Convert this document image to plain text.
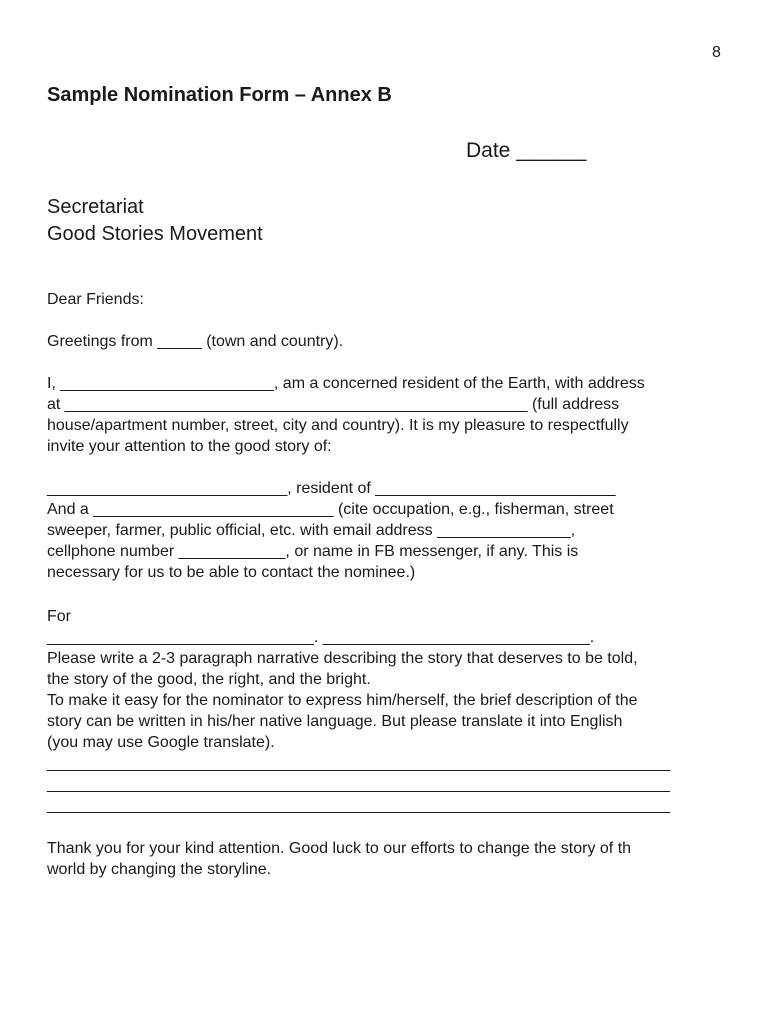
8
Sample Nomination Form – Annex B
Date ______
Secretariat
Good Stories Movement
Dear Friends:
Greetings from _____ (town and country).
I, ________________________, am a concerned resident of the Earth, with address
at ____________________________________________________ (full address
house/apartment number, street, city and country). It is my pleasure to respectfully
invite your attention to the good story of:
___________________________, resident of ___________________________
And a ___________________________ (cite occupation, e.g., fisherman, street
sweeper, farmer, public official, etc. with email address _______________,
cellphone number ____________, or name in FB messenger, if any. This is
necessary for us to be able to contact the nominee.)
For
______________________________. ______________________________.
Please write a 2-3 paragraph narrative describing the story that deserves to be told,
the story of the good, the right, and the bright.
To make it easy for the nominator to express him/herself, the brief description of the
story can be written in his/her native language. But please translate it into English
(you may use Google translate).
______________________________________________________________________
______________________________________________________________________
______________________________________________________________________
Thank you for your kind attention. Good luck to our efforts to change the story of th
world by changing the storyline.
